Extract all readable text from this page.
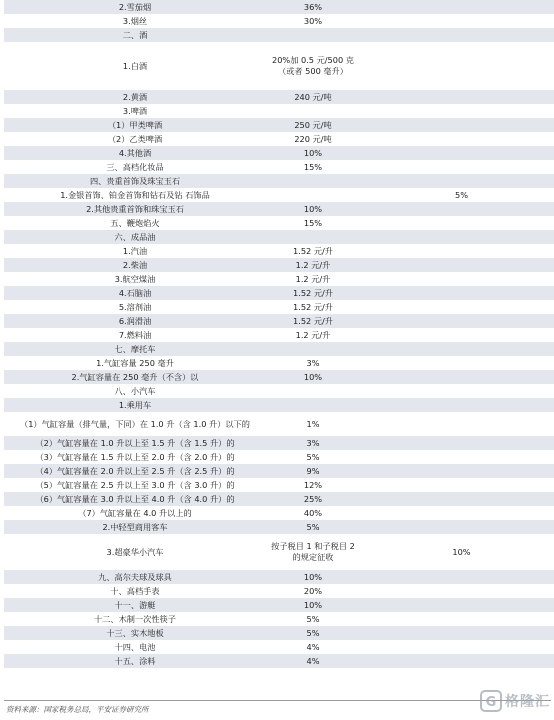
2.雪茄烟	36%	
3.烟丝	30%	
二、酒		
1.白酒	20%加 0.5 元/500 克（或者 500 毫升）	
2.黄酒	240 元/吨	
3.啤酒		
（1）甲类啤酒	250 元/吨	
（2）乙类啤酒	220 元/吨	
4.其他酒	10%	
三、高档化妆品	15%	
四、贵重首饰及珠宝玉石		
1.金银首饰、铂金首饰和钻石及钻 石饰品		5%
2.其他贵重首饰和珠宝玉石	10%	
五、鞭炮焰火	15%	
六、成品油		
1.汽油	1.52 元/升	
2.柴油	1.2 元/升	
3.航空煤油	1.2 元/升	
4.石脑油	1.52 元/升	
5.溶剂油	1.52 元/升	
6.润滑油	1.52 元/升	
7.燃料油	1.2 元/升	
七、摩托车		
1.气缸容量 250 毫升	3%	
2.气缸容量在 250 毫升（不含）以	10%	
八、小汽车		
1.乘用车		
（1）气缸容量（排气量，下同）在 1.0 升（含 1.0 升）以下的	1%	
（2）气缸容量在 1.0 升以上至 1.5 升（含 1.5 升）的	3%	
（3）气缸容量在 1.5 升以上至 2.0 升（含 2.0 升）的	5%	
（4）气缸容量在 2.0 升以上至 2.5 升（含 2.5 升）的	9%	
（5）气缸容量在 2.5 升以上至 3.0 升（含 3.0 升）的	12%	
（6）气缸容量在 3.0 升以上至 4.0 升（含 4.0 升）的	25%	
（7）气缸容量在 4.0 升以上的	40%	
2.中轻型商用客车	5%	
3.超豪华小汽车	按子税目 1 和子税目 2 的规定征收	10%
九、高尔夫球及球具	10%	
十、高档手表	20%	
十一、游艇	10%	
十二、木制一次性筷子	5%	
十三、实木地板	5%	
十四、电池	4%	
十五、涂料	4%	
资料来源：国家税务总局，平安证券研究所	G 格隆汇
